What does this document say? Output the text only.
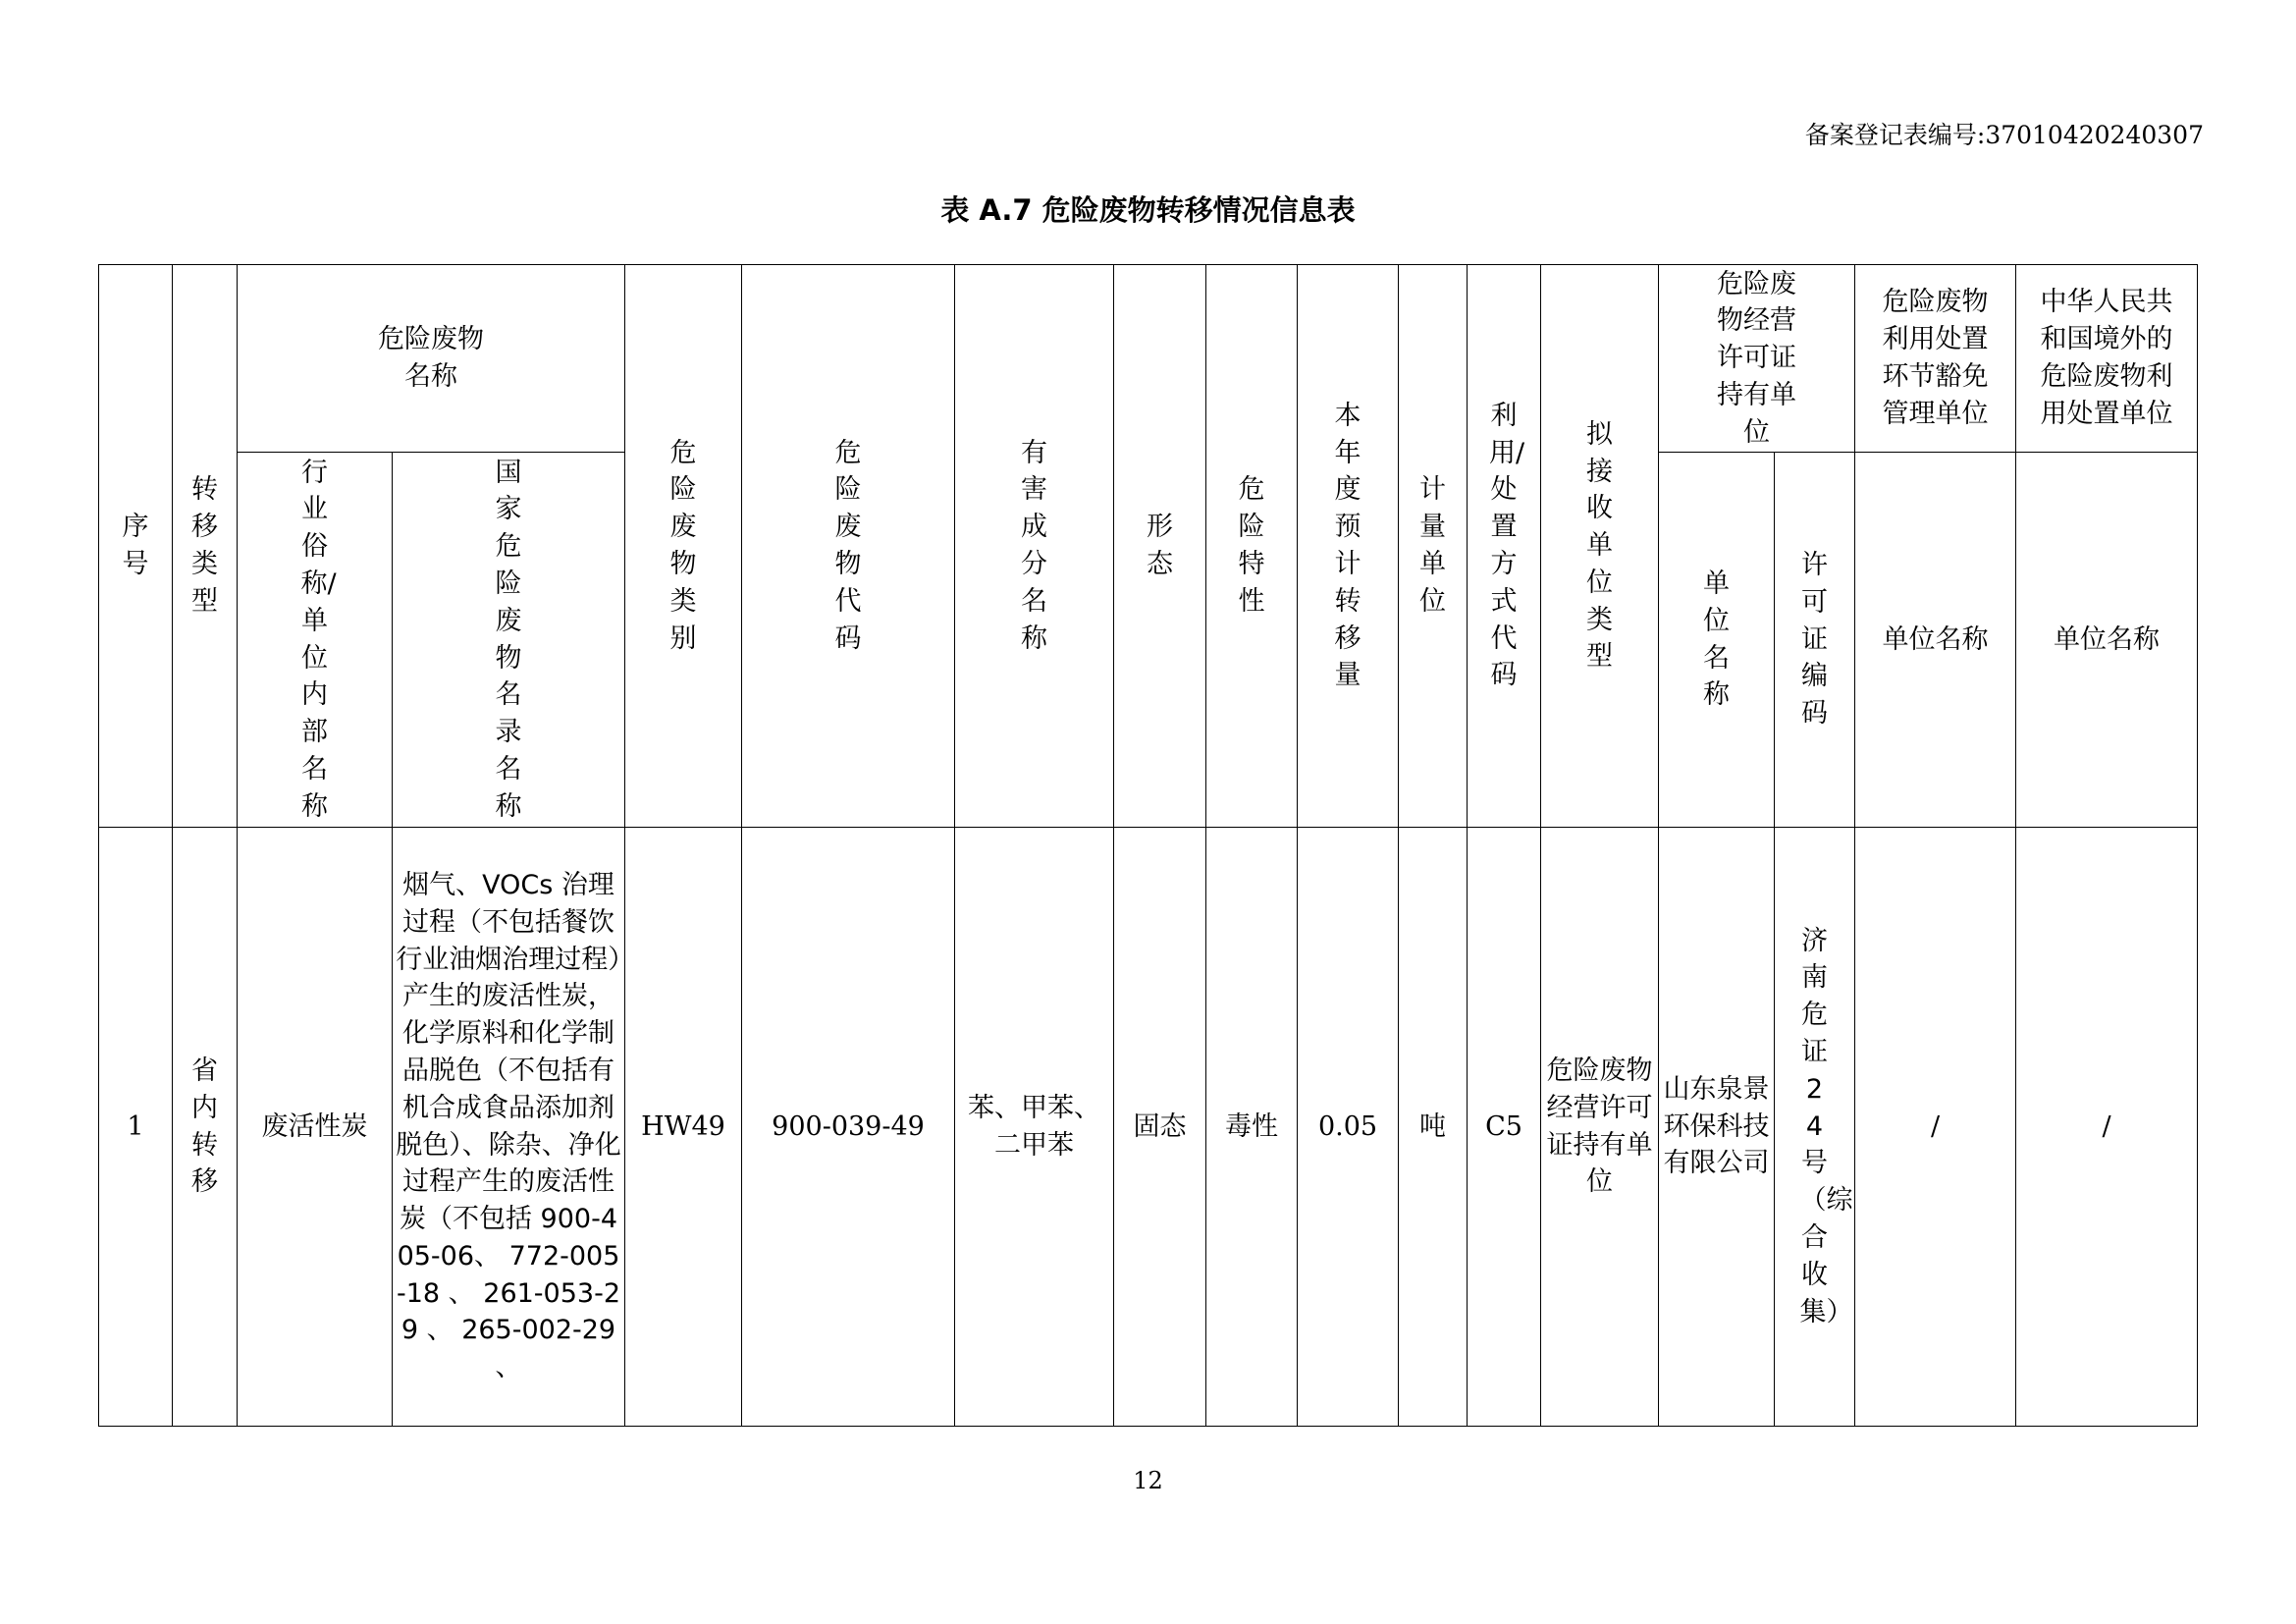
备案登记表编号:37010420240307
表 A.7 危险废物转移情况信息表
序号	转移类型	危险废物名称		危险废物类别	危险废物代码	有害成分名称	形态	危险特性	本年度预计转移量	计量单位	利用/处置方式代码	拟接收单位类型	危险废物经营许可证持有单位		危险废物利用处置环节豁免管理单位	中华人民共和国境外的危险废物利用处置单位

		行业俗称/单位内部名称	国家危险废物名录名称										单位名称	许可证编码	单位名称	单位名称
1	省内转移	废活性炭	烟气、VOCs 治理过程（不包括餐饮行业油烟治理过程）产生的废活性炭，化学原料和化学制品脱色（不包括有机合成食品添加剂脱色）、除杂、净化过程产生的废活性炭（不包括 900-405-06、 772-005-18 、 261-053-29 、 265-002-29 、	HW49	900-039-49	苯、甲苯、二甲苯	固态	毒性	0.05	吨	C5	危险废物经营许可证持有单位	山东泉景环保科技有限公司	济南危证24号（综合收集）	/	/
12
